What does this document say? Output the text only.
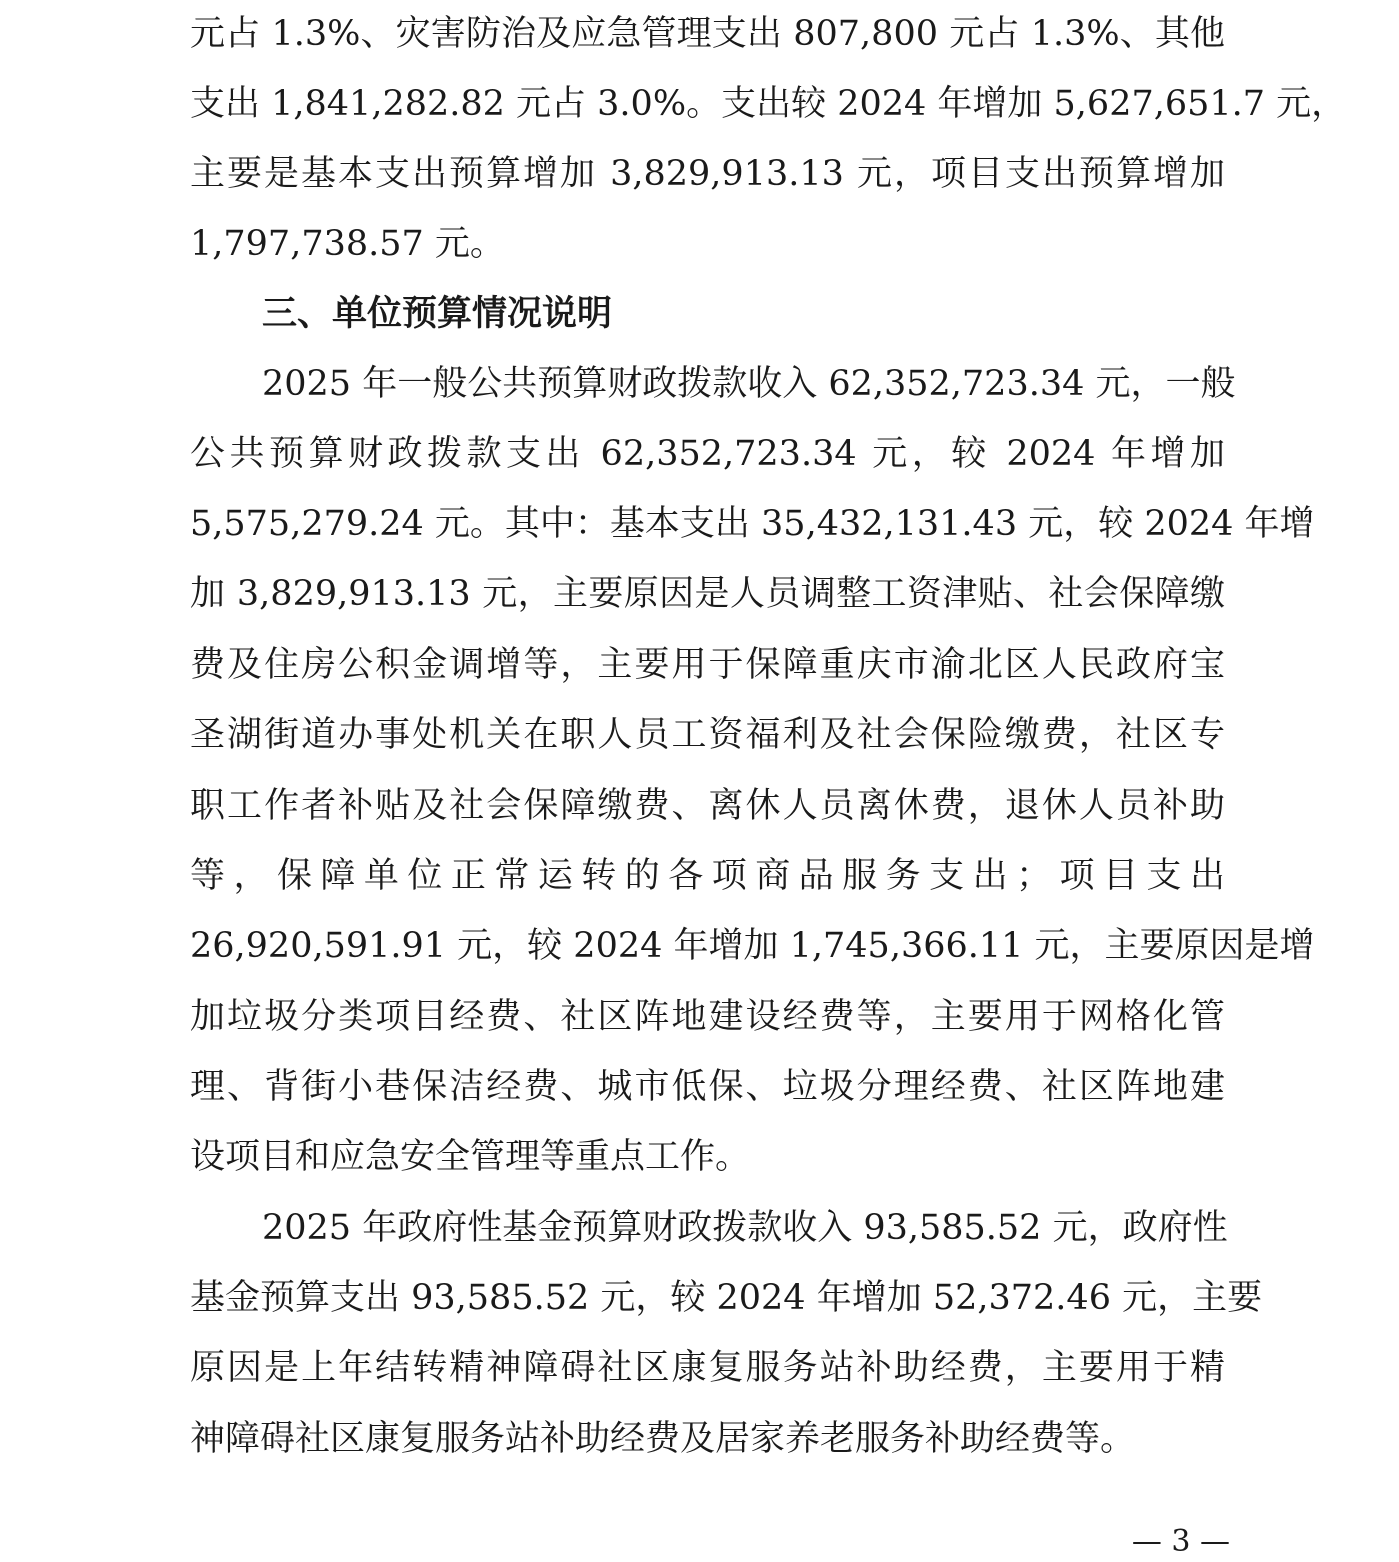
元占 1.3%、灾害防治及应急管理支出 807,800 元占 1.3%、其他
支出 1,841,282.82 元占 3.0%。支出较 2024 年增加 5,627,651.7 元，
主要是基本支出预算增加 3,829,913.13 元，项目支出预算增加
1,797,738.57 元。
三、单位预算情况说明
2025 年一般公共预算财政拨款收入 62,352,723.34 元，一般
公共预算财政拨款支出 62,352,723.34 元，较 2024 年增加
5,575,279.24 元。其中：基本支出 35,432,131.43 元，较 2024 年增
加 3,829,913.13 元，主要原因是人员调整工资津贴、社会保障缴
费及住房公积金调增等，主要用于保障重庆市渝北区人民政府宝
圣湖街道办事处机关在职人员工资福利及社会保险缴费，社区专
职工作者补贴及社会保障缴费、离休人员离休费，退休人员补助
等，保障单位正常运转的各项商品服务支出；项目支出
26,920,591.91 元，较 2024 年增加 1,745,366.11 元，主要原因是增
加垃圾分类项目经费、社区阵地建设经费等，主要用于网格化管
理、背街小巷保洁经费、城市低保、垃圾分理经费、社区阵地建
设项目和应急安全管理等重点工作。
2025 年政府性基金预算财政拨款收入 93,585.52 元，政府性
基金预算支出 93,585.52 元，较 2024 年增加 52,372.46 元，主要
原因是上年结转精神障碍社区康复服务站补助经费，主要用于精
神障碍社区康复服务站补助经费及居家养老服务补助经费等。
— 3 —
